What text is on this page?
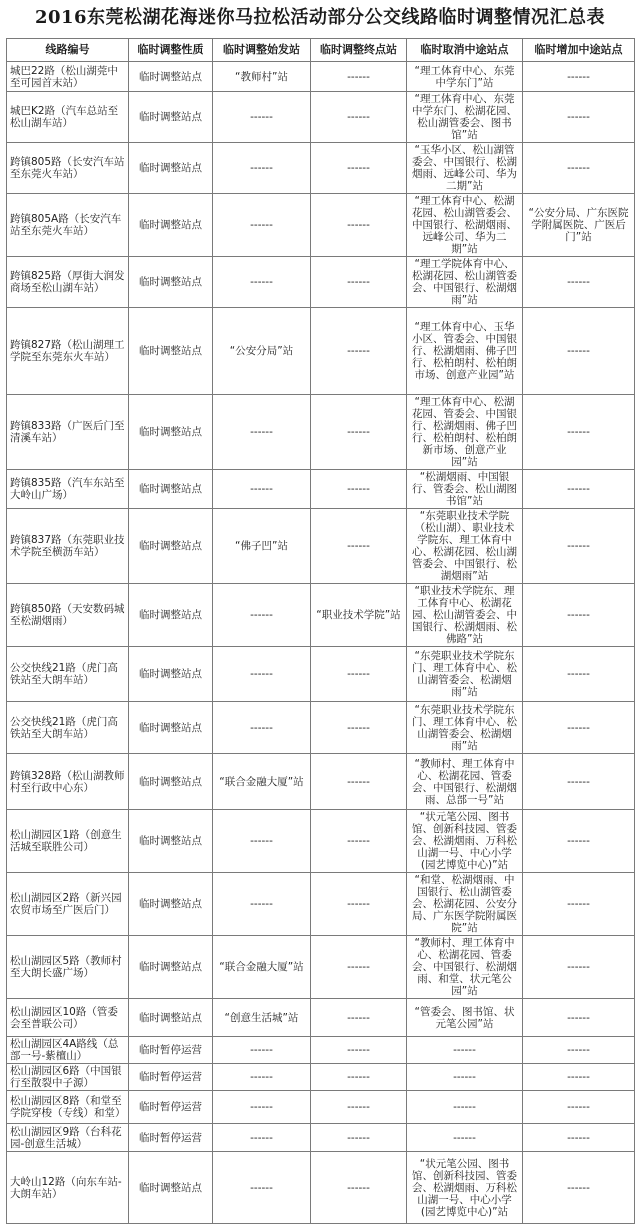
2016东莞松湖花海迷你马拉松活动部分公交线路临时调整情况汇总表
线路编号	临时调整性质	临时调整始发站	临时调整终点站	临时取消中途站点	临时增加中途站点
城巴22路（松山湖莞中至可园首末站）	临时调整站点	“教师村”站	------	“理工体育中心、东莞中学东门”站	------
城巴K2路（汽车总站至松山湖车站）	临时调整站点	------	------	“理工体育中心、东莞中学东门、松湖花园、松山湖管委会、图书馆”站	------
跨镇805路（长安汽车站至东莞火车站）	临时调整站点	------	------	“玉华小区、松山湖管委会、中国银行、松湖烟雨、远峰公司、华为二期”站	------
跨镇805A路（长安汽车站至东莞火车站）	临时调整站点	------	------	“理工体育中心、松湖花园、松山湖管委会、中国银行、松湖烟雨、远峰公司、华为二期”站	“公安分局、广东医院学附属医院、广医后门”站
跨镇825路（厚街大润发商场至松山湖车站）	临时调整站点	------	------	“理工学院体育中心、松湖花园、松山湖管委会、中国银行、松湖烟雨”站	------
跨镇827路（松山湖理工学院至东莞东火车站）	临时调整站点	“公安分局”站	------	“理工体育中心、玉华小区、管委会、中国银行、松湖烟雨、佛子凹行、松柏朗村、松柏朗市场、创意产业园”站	------
跨镇833路（广医后门至清溪车站）	临时调整站点	------	------	“理工体育中心、松湖花园、管委会、中国银行、松湖烟雨、佛子凹行、松柏朗村、松柏朗新市场、创意产业园”站	------
跨镇835路（汽车东站至大岭山广场）	临时调整站点	------	------	“松湖烟雨、中国银行、管委会、松山湖图书馆”站	------
跨镇837路（东莞职业技术学院至横沥车站）	临时调整站点	“佛子凹”站	------	“东莞职业技术学院（松山湖）、职业技术学院东、理工体育中心、松湖花园、松山湖管委会、中国银行、松湖烟雨”站	------
跨镇850路（天安数码城至松湖烟雨）	临时调整站点	------	“职业技术学院”站	“职业技术学院东、理工体育中心、松湖花园、松山湖管委会、中国银行、松湖烟雨、松佛路”站	------
公交快线21路（虎门高铁站至大朗车站）	临时调整站点	------	------	“东莞职业技术学院东门、理工体育中心、松山湖管委会、松湖烟雨”站	------
公交快线21路（虎门高铁站至大朗车站）	临时调整站点	------	------	“东莞职业技术学院东门、理工体育中心、松山湖管委会、松湖烟雨”站	------
跨镇328路（松山湖教师村至行政中心东）	临时调整站点	“联合金融大厦”站	------	“教师村、理工体育中心、松湖花园、管委会、中国银行、松湖烟雨、总部一号”站	------
松山湖园区1路（创意生活城至联胜公司）	临时调整站点	------	------	“状元笔公园、图书馆、创新科技园、管委会、松湖烟雨、万科松山湖一号、中心小学(园艺博览中心)”站	------
松山湖园区2路（新兴园农贸市场至广医后门）	临时调整站点	------	------	“和堂、松湖烟雨、中国银行、松山湖管委会、松湖花园、公安分局、广东医学院附属医院”站	------
松山湖园区5路（教师村至大朗长盛广场）	临时调整站点	“联合金融大厦”站	------	“教师村、理工体育中心、松湖花园、管委会、中国银行、松湖烟雨、和堂、状元笔公园”站	------
松山湖园区10路（管委会至普联公司）	临时调整站点	“创意生活城”站	------	“管委会、图书馆、状元笔公园”站	------
松山湖园区4A路线（总部一号-紫檀山）	临时暂停运营	------	------	------	------
松山湖园区6路（中国银行至散裂中子源）	临时暂停运营	------	------	------	------
松山湖园区8路（和堂至学院穿梭（专线）和堂）	临时暂停运营	------	------	------	------
松山湖园区9路（台科花园-创意生活城）	临时暂停运营	------	------	------	------
大岭山12路（向东车站-大朗车站）	临时调整站点	------	------	“状元笔公园、图书馆、创新科技园、管委会、松湖烟雨、万科松山湖一号、中心小学(园艺博览中心)”站	------
